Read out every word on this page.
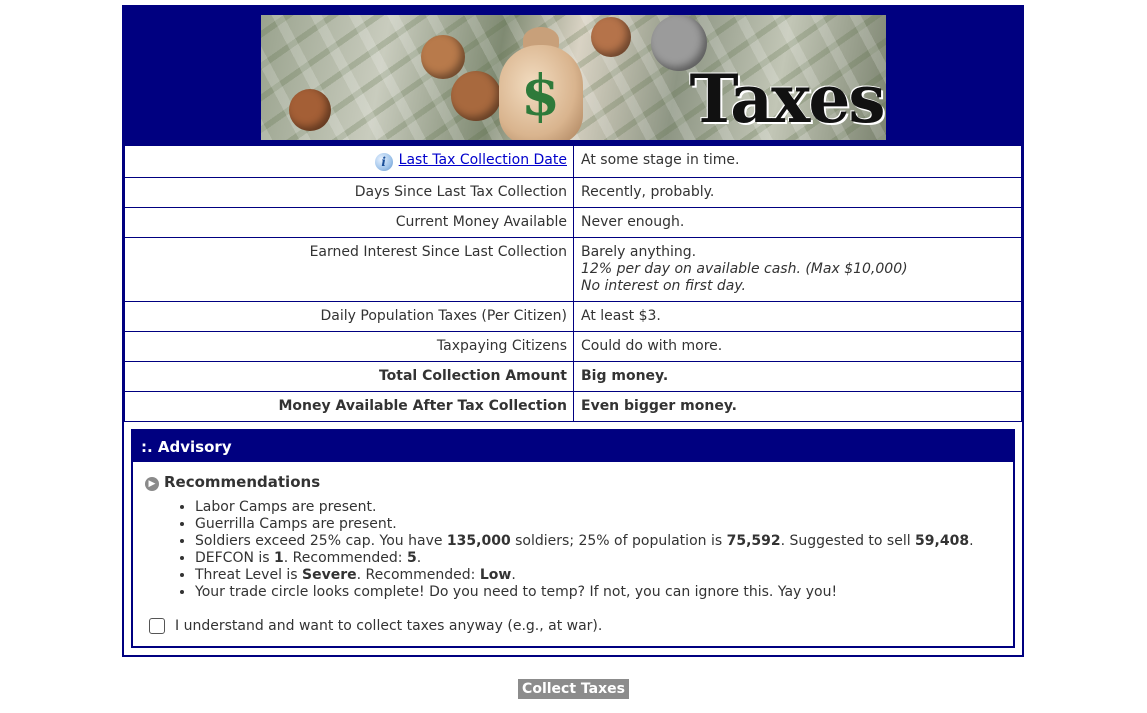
$	Taxes
i Last Tax Collection Date	At some stage in time.
Days Since Last Tax Collection	Recently, probably.
Current Money Available	Never enough.
Earned Interest Since Last Collection	Barely anything.
12% per day on available cash. (Max $10,000)
No interest on first day.

Daily Population Taxes (Per Citizen)	At least $3.
Taxpaying Citizens	Could do with more.
Total Collection Amount	Big money.
Money Available After Tax Collection	Even bigger money.
:. Advisory
▶ Recommendations
• Labor Camps are present.
• Guerrilla Camps are present.
• Soldiers exceed 25% cap. You have 135,000 soldiers; 25% of population is 75,592. Suggested to sell 59,408.
• DEFCON is 1. Recommended: 5.
• Threat Level is Severe. Recommended: Low.
• Your trade circle looks complete! Do you need to temp? If not, you can ignore this. Yay you!
I understand and want to collect taxes anyway (e.g., at war).
Collect Taxes
